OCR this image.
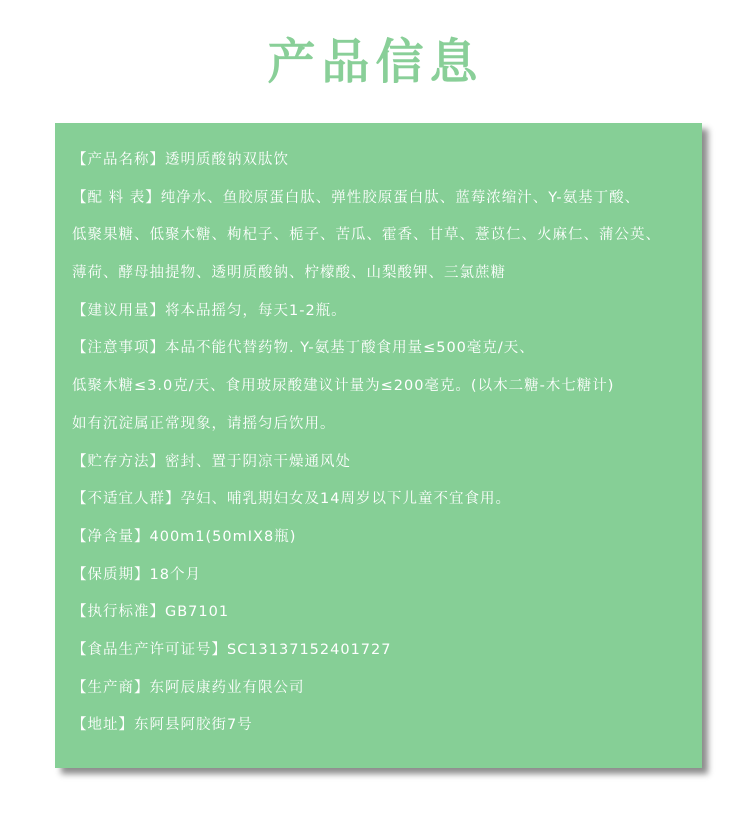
产品信息
【产品名称】透明质酸钠双肽饮
【配 料 表】纯净水、鱼胶原蛋白肽、弹性胶原蛋白肽、蓝莓浓缩汁、Y-氨基丁酸、
低聚果糖、低聚木糖、枸杞子、栀子、苦瓜、霍香、甘草、薏苡仁、火麻仁、蒲公英、
薄荷、酵母抽提物、透明质酸钠、柠檬酸、山梨酸钾、三氯蔗糖
【建议用量】将本品摇匀，每天1-2瓶。
【注意事项】本品不能代替药物. Y-氨基丁酸食用量≤500毫克/天、
低聚木糖≤3.0克/天、食用玻尿酸建议计量为≤200毫克。(以木二糖-木七糖计)
如有沉淀属正常现象，请摇匀后饮用。
【贮存方法】密封、置于阴凉干燥通风处
【不适宜人群】孕妇、哺乳期妇女及14周岁以下儿童不宜食用。
【净含量】400m1(50mIX8瓶)
【保质期】18个月
【执行标准】GB7101
【食品生产许可证号】SC13137152401727
【生产商】东阿辰康药业有限公司
【地址】东阿县阿胶街7号
